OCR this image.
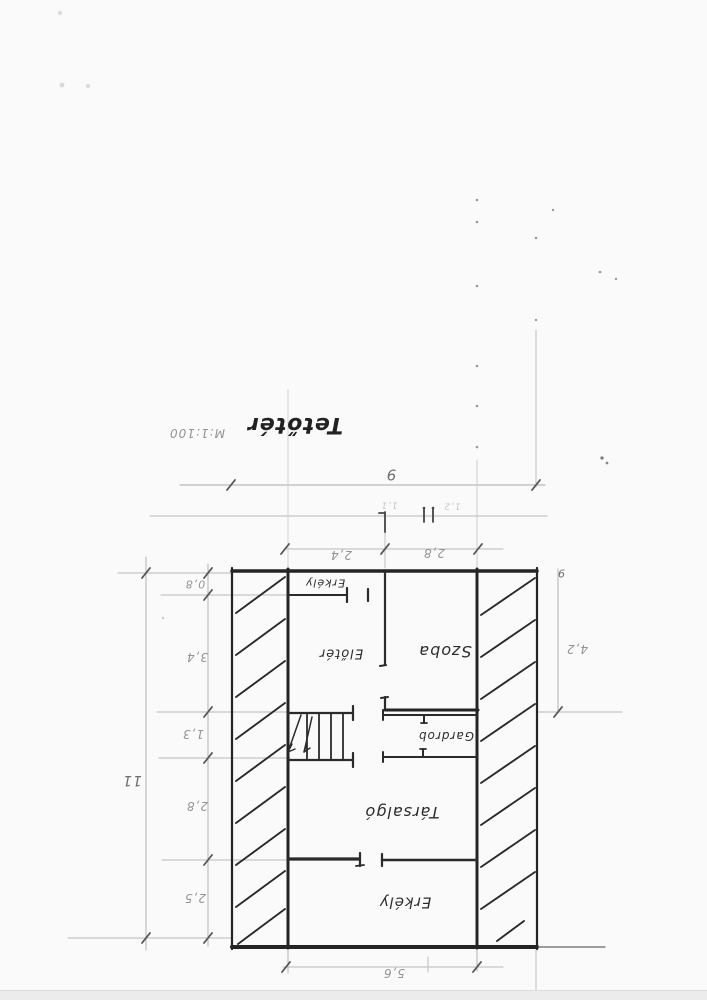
Tetőtér
M:1:100
9
2,4	2,8
1,1	1,2
9
11
0,8
3,4
1,3
2,8
2,5
4,2
5,6
Erkély
Előtér	Szoba
Gardrob
Társalgó
Erkély
